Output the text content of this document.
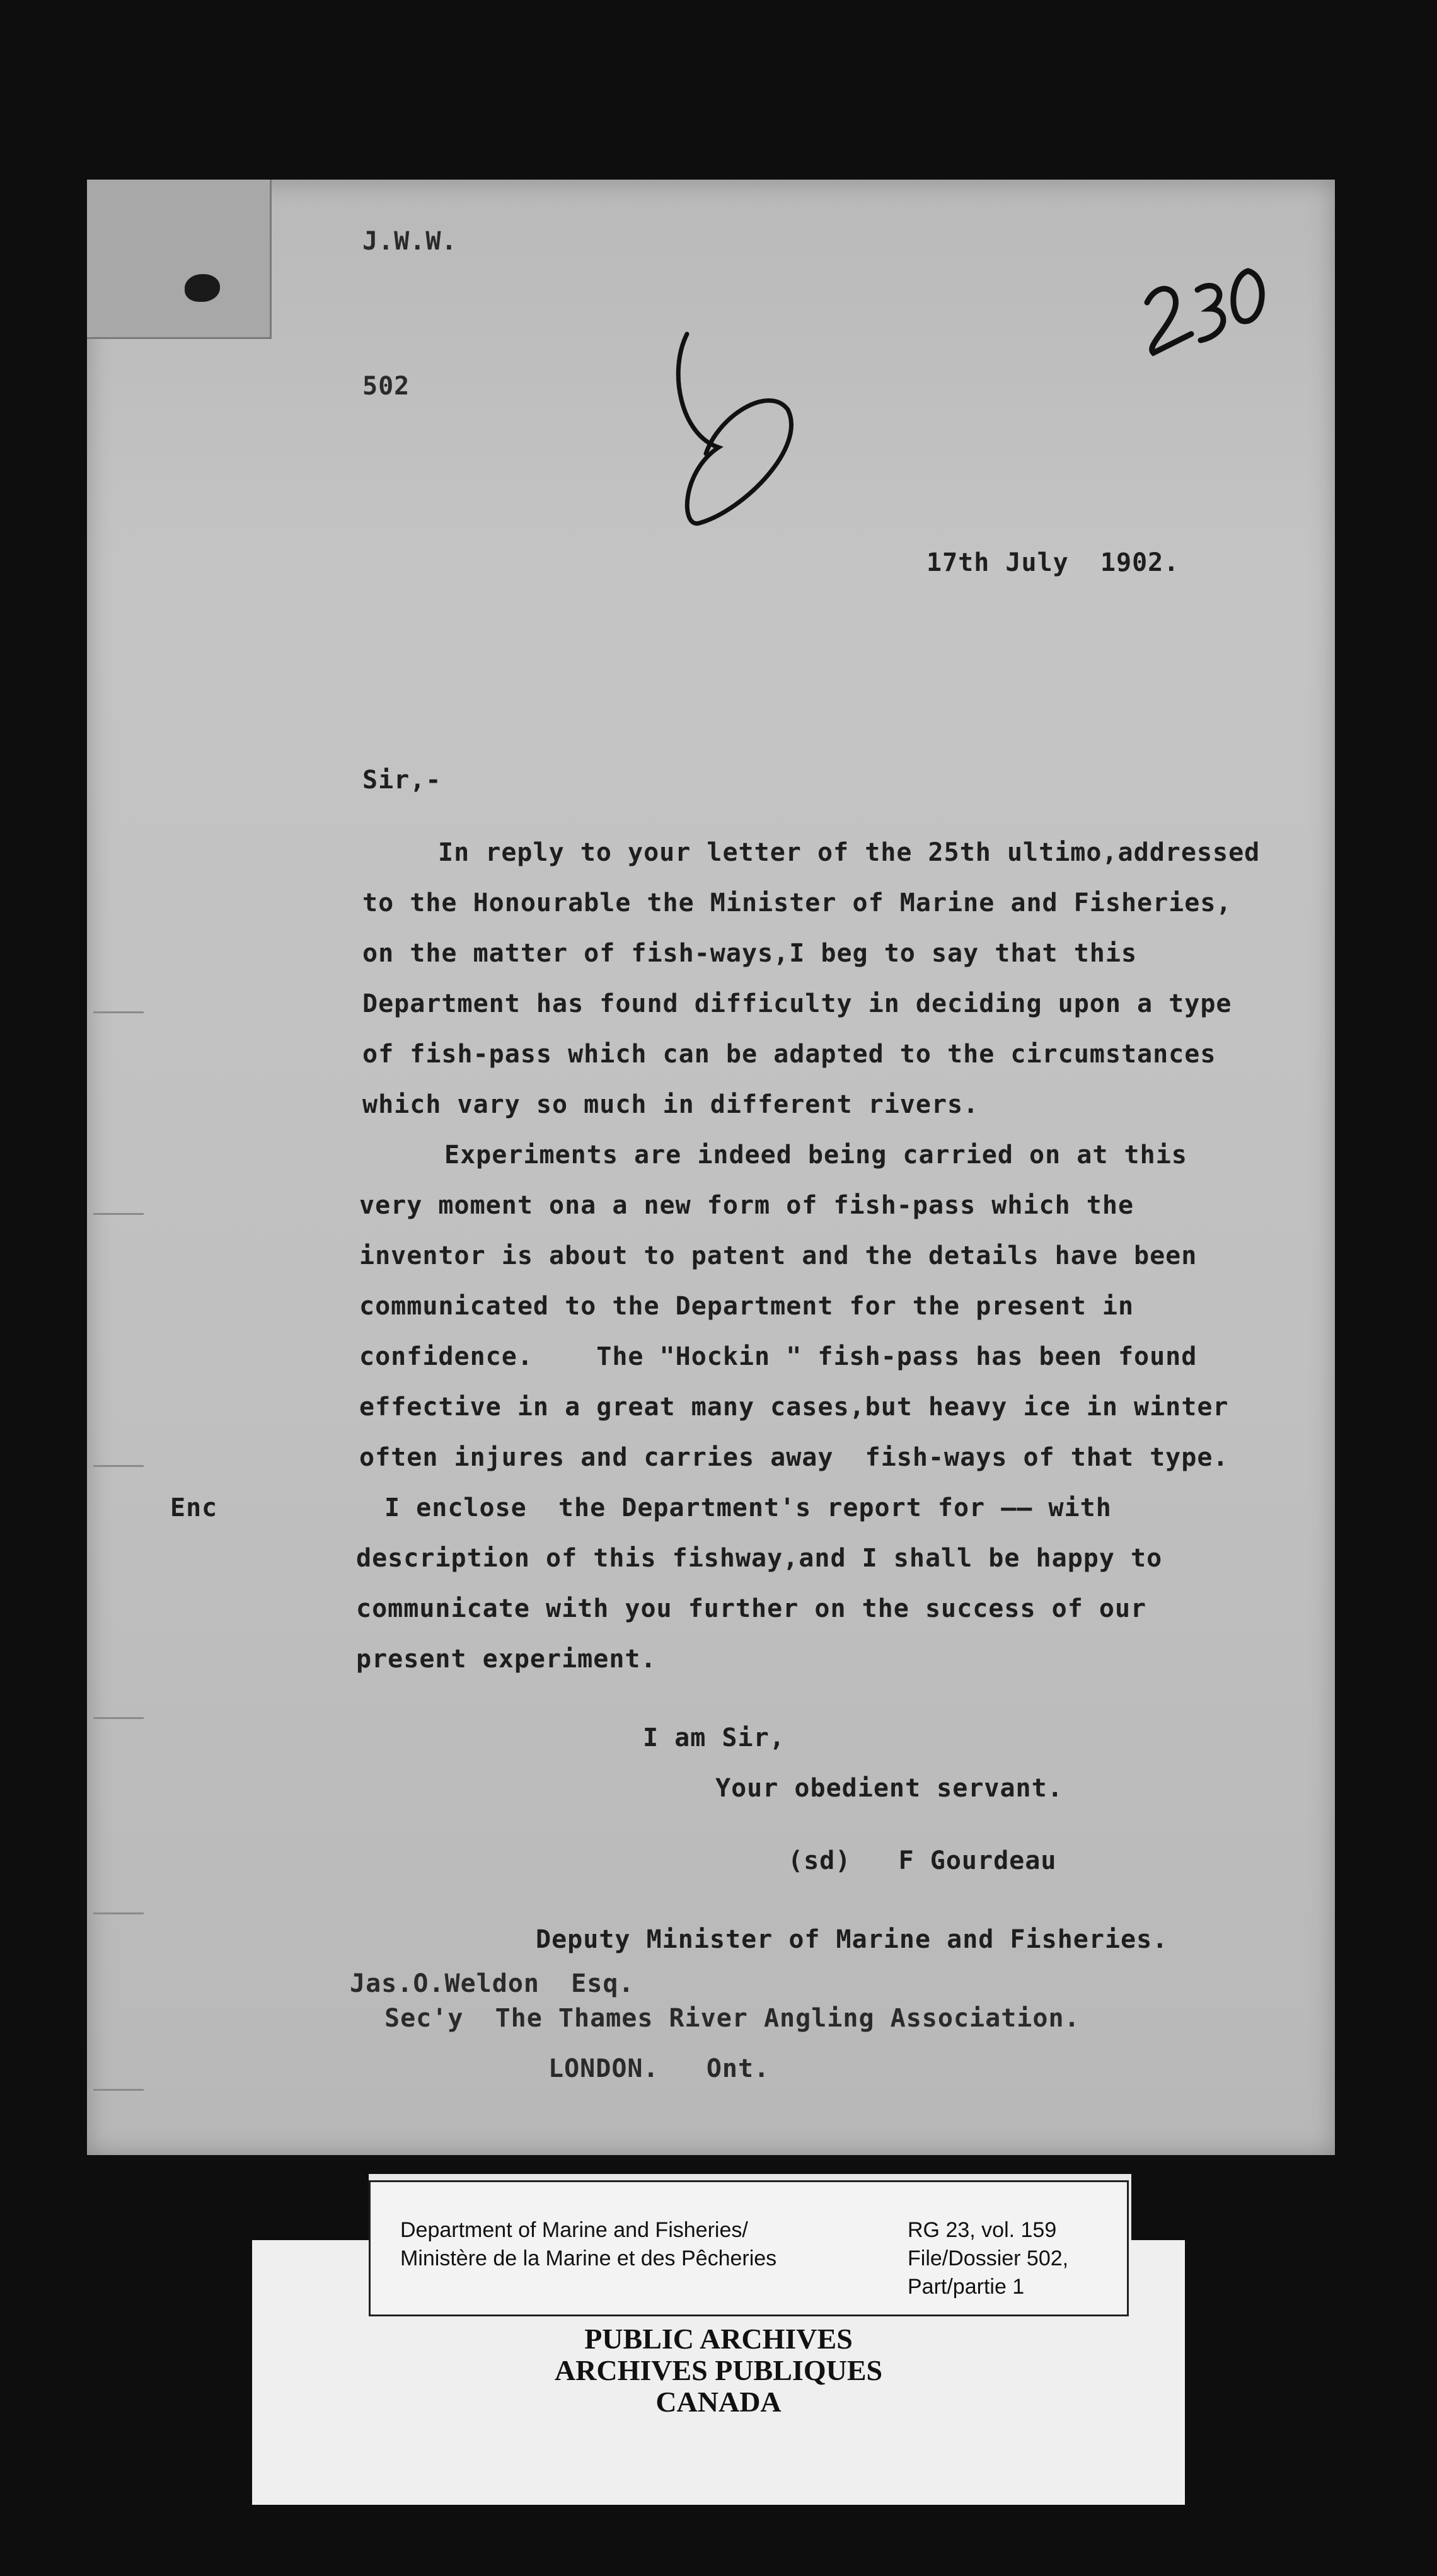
J.W.W.
502
17th July  1902.
Sir,-
In reply to your letter of the 25th ultimo,addressed
to the Honourable the Minister of Marine and Fisheries,
on the matter of fish-ways,I beg to say that this
Department has found difficulty in deciding upon a type
of fish-pass which can be adapted to the circumstances
which vary so much in different rivers.
Experiments are indeed being carried on at this
very moment ona a new form of fish-pass which the
inventor is about to patent and the details have been
communicated to the Department for the present in
confidence.    The "Hockin " fish-pass has been found
effective in a great many cases,but heavy ice in winter
often injures and carries away  fish-ways of that type.
Enc	I enclose  the Department's report for —— with
description of this fishway,and I shall be happy to
communicate with you further on the success of our
present experiment.
I am Sir,
Your obedient servant.
(sd)   F Gourdeau
Deputy Minister of Marine and Fisheries.
Jas.O.Weldon  Esq.
Sec'y  The Thames River Angling Association.
LONDON.   Ont.
Department of Marine and Fisheries/
Ministère de la Marine et des Pêcheries
RG 23, vol. 159
File/Dossier 502,
Part/partie 1
PUBLIC ARCHIVES
ARCHIVES PUBLIQUES
CANADA
